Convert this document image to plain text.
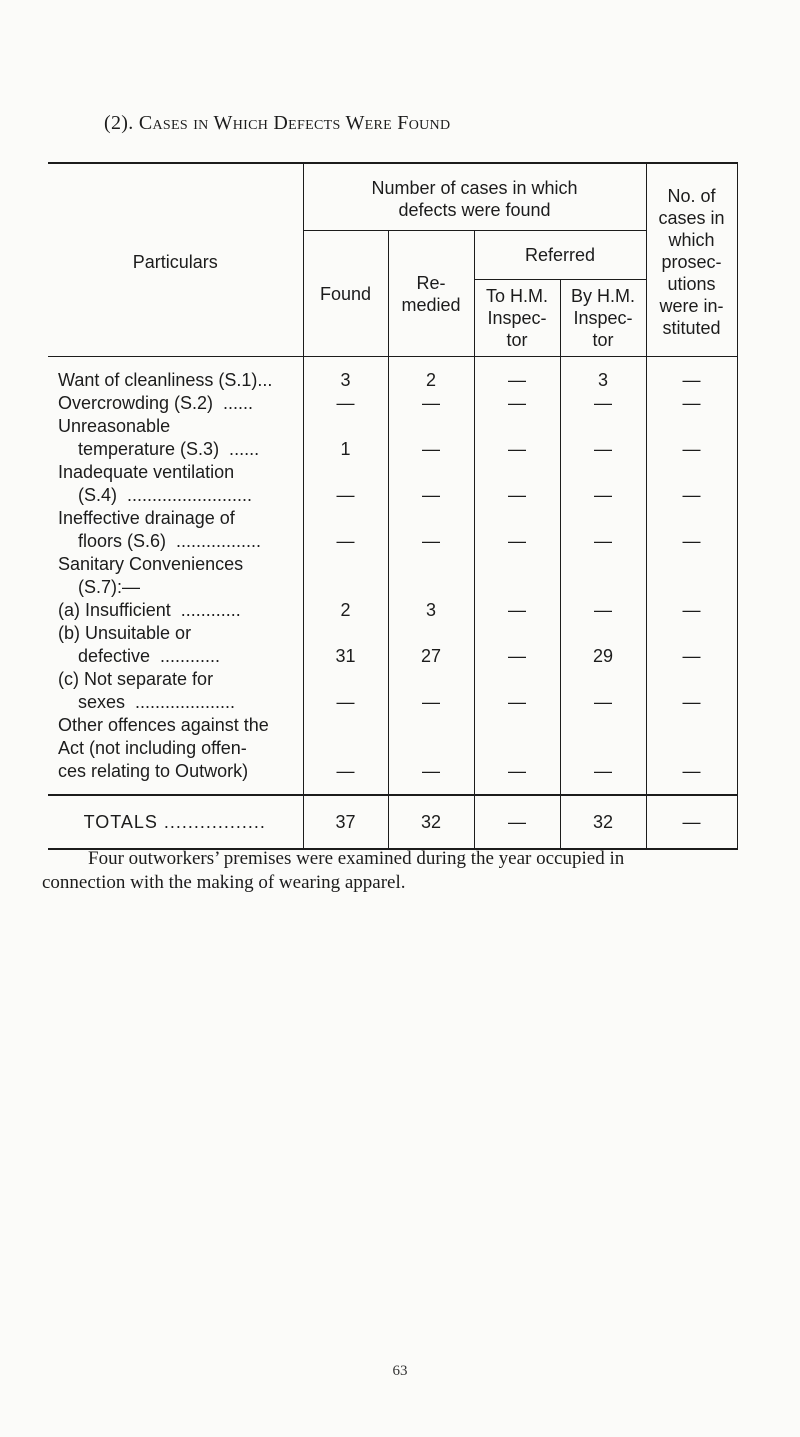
(2). Cases in Which Defects Were Found
Particulars	Number of cases in which defects were found				No. of cases in which prosec-utions were in-stituted
	Found	Re-medied	Referred		
			To H.M. Inspec-tor	By H.M. Inspec-tor	
Want of cleanliness (S.1)...	3	2	—	3	—
Overcrowding (S.2)  ......	—	—	—	—	—
Unreasonable
temperature (S.3)  ......	1	—	—	—	—
Inadequate ventilation
(S.4)  .........................	—	—	—	—	—
Ineffective drainage of
floors (S.6)  .................	—	—	—	—	—
Sanitary Conveniences
(S.7):—
(a) Insufficient  ............	2	3	—	—	—
(b) Unsuitable or
defective  ............	31	27	—	29	—
(c) Not separate for
sexes  ....................	—	—	—	—	—
Other offences against the
Act (not including offen-
ces relating to Outwork)	—	—	—	—	—
TOTALS .................	37	32	—	32	—
Four outworkers’ premises were examined during the year occupied in
connection with the making of wearing apparel.
63
